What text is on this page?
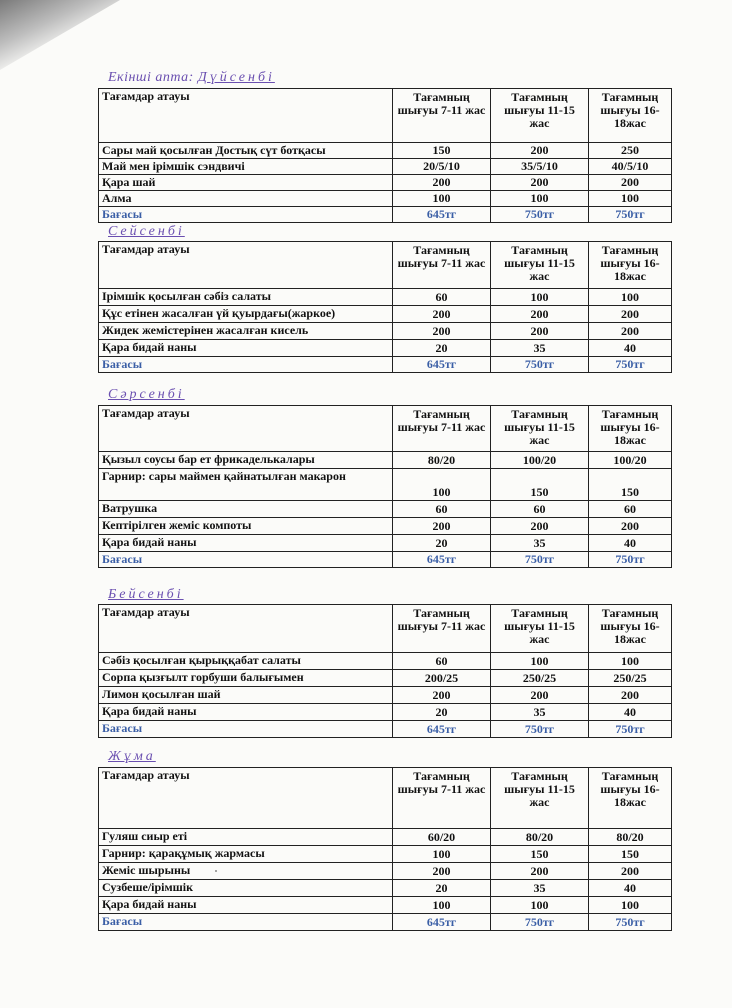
Екінші апта: Дүйсенбі
Тағамдар атауы	Тағамның шығуы 7-11 жас	Тағамның шығуы 11-15 жас	Тағамның шығуы 16-18жас
Сары май қосылған Достық сүт ботқасы	150	200	250
Май мен ірімшік сэндвичі	20/5/10	35/5/10	40/5/10
Қара шай	200	200	200
Алма	100	100	100
Бағасы	645тг	750тг	750тг
Сейсенбі
Тағамдар атауы	Тағамның шығуы 7-11 жас	Тағамның шығуы 11-15 жас	Тағамның шығуы 16-18жас
Ірімшік қосылған сәбіз салаты	60	100	100
Құс етінен жасалған үй қуырдағы(жаркое)	200	200	200
Жидек жемістерінен жасалған кисель	200	200	200
Қара бидай наны	20	35	40
Бағасы	645тг	750тг	750тг
Сәрсенбі
Тағамдар атауы	Тағамның шығуы 7-11 жас	Тағамның шығуы 11-15 жас	Тағамның шығуы 16-18жас
Қызыл соусы бар ет фрикаделькалары	80/20	100/20	100/20
Гарнир: сары маймен қайнатылған макарон	100	150	150
Ватрушка	60	60	60
Кептірілген жеміс компоты	200	200	200
Қара бидай наны	20	35	40
Бағасы	645тг	750тг	750тг
Бейсенбі
Тағамдар атауы	Тағамның шығуы 7-11 жас	Тағамның шығуы 11-15 жас	Тағамның шығуы 16-18жас
Сәбіз қосылған қырыққабат салаты	60	100	100
Сорпа қызғылт горбуши балығымен	200/25	250/25	250/25
Лимон қосылған шай	200	200	200
Қара бидай наны	20	35	40
Бағасы	645тг	750тг	750тг
Жұма
Тағамдар атауы	Тағамның шығуы 7-11 жас	Тағамның шығуы 11-15 жас	Тағамның шығуы 16-18жас
Гуляш сиыр еті	60/20	80/20	80/20
Гарнир: қарақұмық жармасы	100	150	150
Жеміс шырыны	200	200	200
Сузбеше/ірімшік	20	35	40
Қара бидай наны	100	100	100
Бағасы	645тг	750тг	750тг
